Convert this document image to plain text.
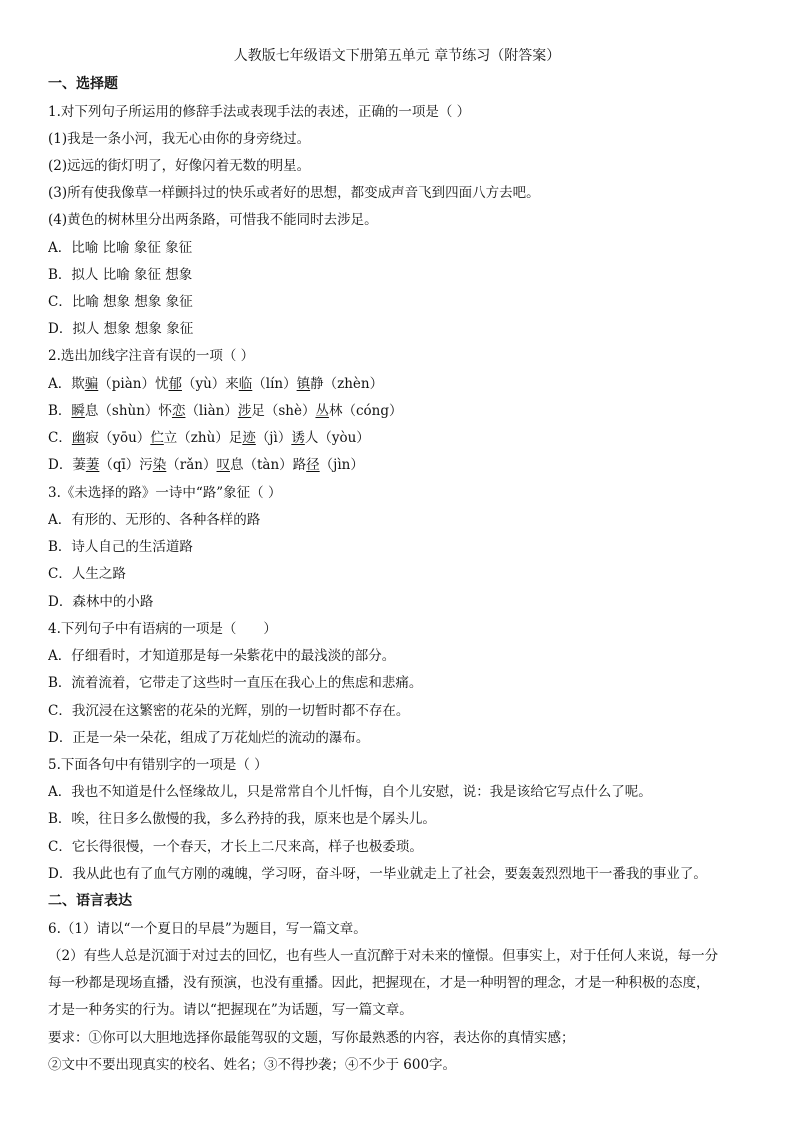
人教版七年级语文下册第五单元 章节练习（附答案）
一、选择题
1.对下列句子所运用的修辞手法或表现手法的表述，正确的一项是（ ）
(1)我是一条小河，我无心由你的身旁绕过。
(2)远远的街灯明了，好像闪着无数的明星。
(3)所有使我像草一样颤抖过的快乐或者好的思想，都变成声音飞到四面八方去吧。
(4)黄色的树林里分出两条路，可惜我不能同时去涉足。
A．比喻 比喻 象征 象征
B．拟人 比喻 象征 想象
C．比喻 想象 想象 象征
D．拟人 想象 想象 象征
2.选出加线字注音有误的一项（ ）
A．欺骗（piàn）忧郁（yù）来临（lín）镇静（zhèn）
B．瞬息（shùn）怀恋（liàn）涉足（shè）丛林（cóng）
C．幽寂（yōu）伫立（zhù）足迹（jì）诱人（yòu）
D．萋萋（qī）污染（rǎn）叹息（tàn）路径（jìn）
3.《未选择的路》一诗中“路”象征（ ）
A．有形的、无形的、各种各样的路
B．诗人自己的生活道路
C．人生之路
D．森林中的小路
4.下列句子中有语病的一项是（　　）
A．仔细看时，才知道那是每一朵紫花中的最浅淡的部分。
B．流着流着，它带走了这些时一直压在我心上的焦虑和悲痛。
C．我沉浸在这繁密的花朵的光辉，别的一切暂时都不存在。
D．正是一朵一朵花，组成了万花灿烂的流动的瀑布。
5.下面各句中有错别字的一项是（ ）
A．我也不知道是什么怪缘故儿，只是常常自个儿忏悔，自个儿安慰，说：我是该给它写点什么了呢。
B．唉，往日多么傲慢的我，多么矜持的我，原来也是个孱头儿。
C．它长得很慢，一个春天，才长上二尺来高，样子也极委琐。
D．我从此也有了血气方刚的魂魄，学习呀，奋斗呀，一毕业就走上了社会，要轰轰烈烈地干一番我的事业了。
二、语言表达
6.（1）请以“一个夏日的早晨”为题目，写一篇文章。
（2）有些人总是沉湎于对过去的回忆，也有些人一直沉醉于对未来的憧憬。但事实上，对于任何人来说，每一分
每一秒都是现场直播，没有预演，也没有重播。因此，把握现在，才是一种明智的理念，才是一种积极的态度，
才是一种务实的行为。请以“把握现在”为话题，写一篇文章。
要求：①你可以大胆地选择你最能驾驭的文题，写你最熟悉的内容，表达你的真情实感；
②文中不要出现真实的校名、姓名；③不得抄袭；④不少于 600字。
